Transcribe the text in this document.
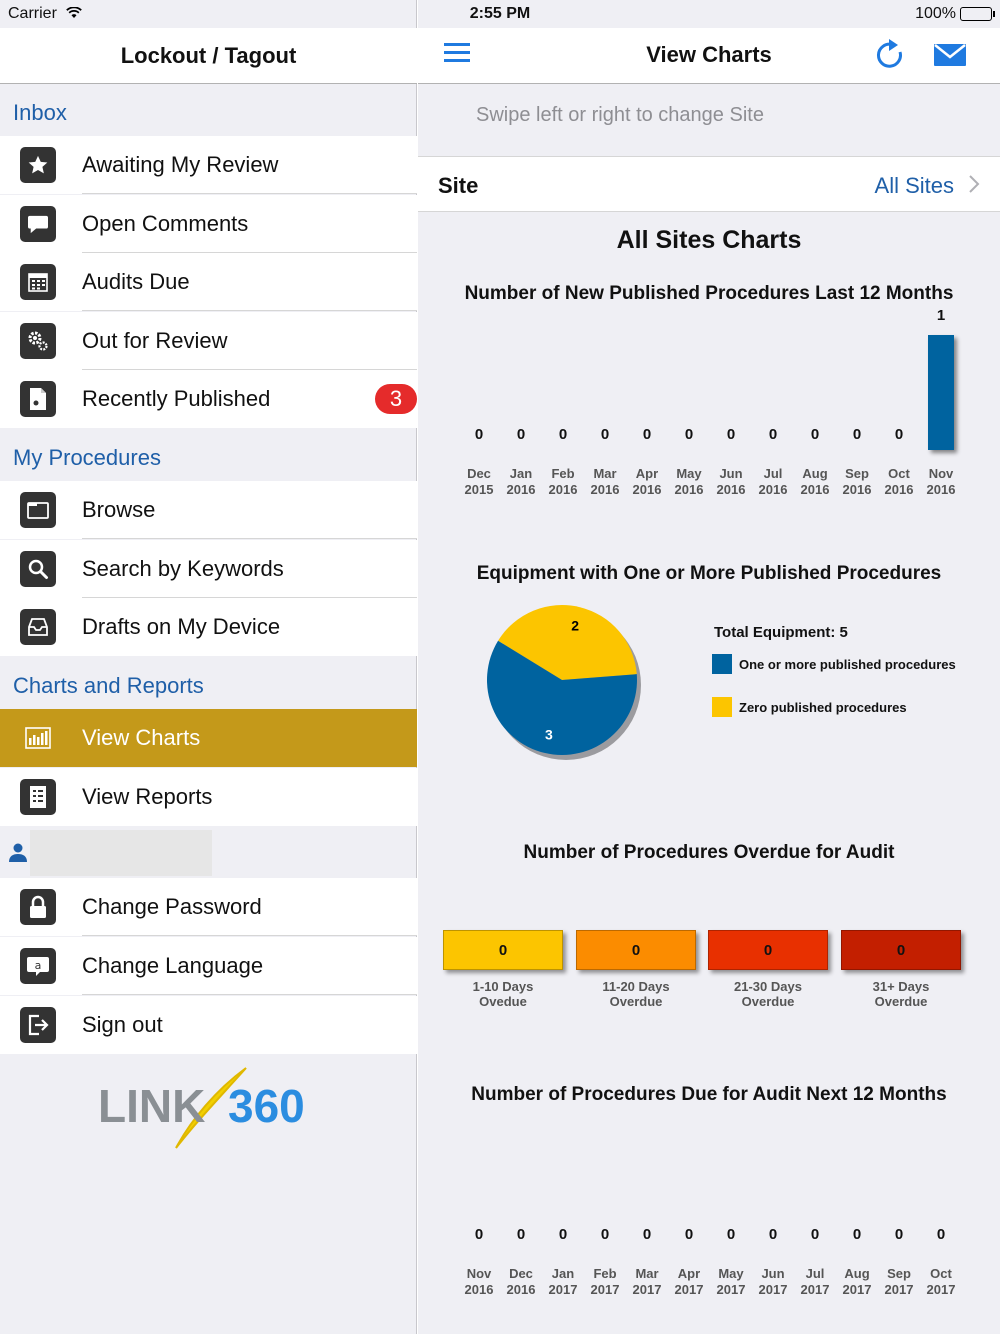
Carrier	2:55 PM	100%
Lockout / Tagout
Inbox
Awaiting My Review
Open Comments
Audits Due
Out for Review
Recently Published	3
My Procedures
Browse
Search by Keywords
Drafts on My Device
Charts and Reports
View Charts
View Reports
Change Password
a Change Language
Sign out
LINK 360
View Charts
Swipe left or right to change Site
Site	All Sites
All Sites Charts
Number of New Published Procedures Last 12 Months
0
Dec
2015
0
Jan
2016
0
Feb
2016
0
Mar
2016
0
Apr
2016
0
May
2016
0
Jun
2016
0
Jul
2016
0
Aug
2016
0
Sep
2016
0
Oct
2016
1
Nov
2016
Equipment with One or More Published Procedures
2
3
Total Equipment: 5
One or more published procedures
Zero published procedures
Number of Procedures Overdue for Audit
0
1-10 Days
Ovedue
0
11-20 Days
Overdue
0
21-30 Days
Overdue
0
31+ Days
Overdue
Number of Procedures Due for Audit Next 12 Months
0
Nov
2016
0
Dec
2016
0
Jan
2017
0
Feb
2017
0
Mar
2017
0
Apr
2017
0
May
2017
0
Jun
2017
0
Jul
2017
0
Aug
2017
0
Sep
2017
0
Oct
2017
